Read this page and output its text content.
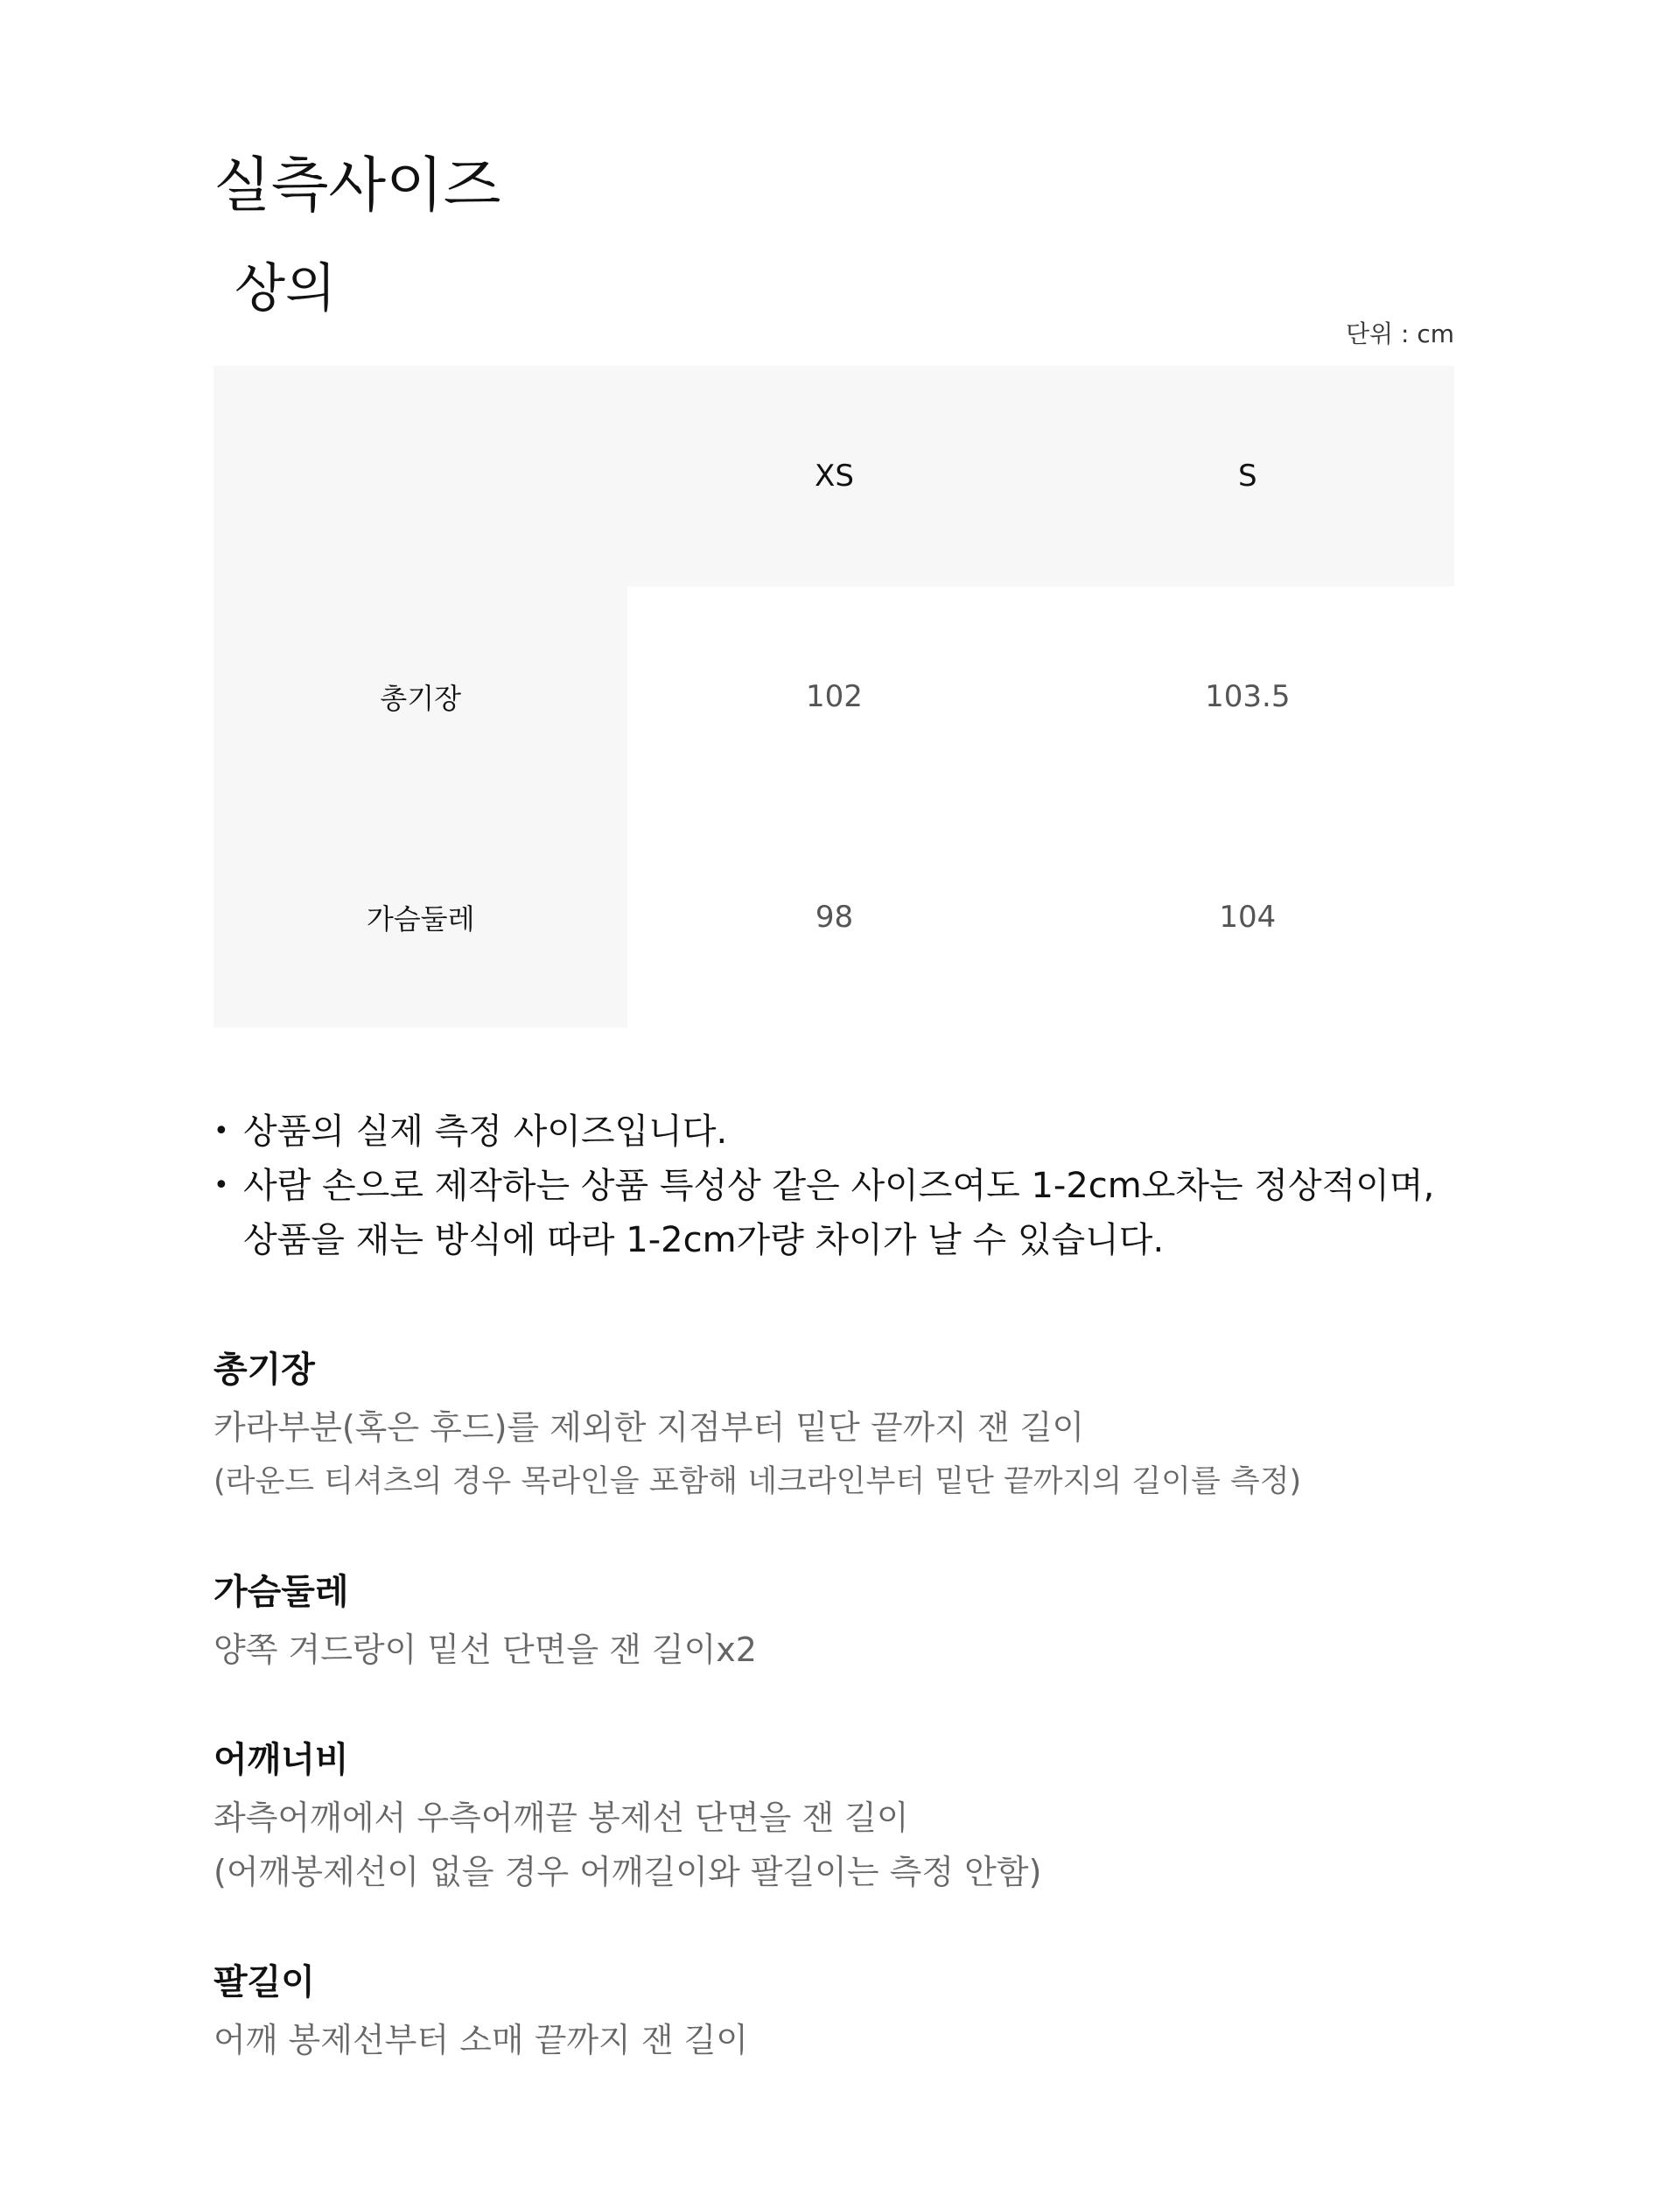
실측사이즈
상의
단위 : cm
	XS	S
총기장	102	103.5
가슴둘레	98	104
• 상품의 실제 측정 사이즈입니다.
• 사람 손으로 제작하는 상품 특성상 같은 사이즈여도 1-2cm오차는 정상적이며, 상품을 재는 방식에 따라 1-2cm가량 차이가 날 수 있습니다.

총기장

카라부분(혹은 후드)를 제외한 지점부터 밑단 끝까지 잰 길이

(라운드 티셔츠의 경우 목라인을 포함해 네크라인부터 밑단 끝까지의 길이를 측정)

가슴둘레

양쪽 겨드랑이 밑선 단면을 잰 길이x2

어깨너비

좌측어깨에서 우측어깨끝 봉제선 단면을 잰 길이

(어깨봉제선이 없을 경우 어깨길이와 팔길이는 측정 안함)

팔길이

어깨 봉제선부터 소매 끝까지 잰 길이
